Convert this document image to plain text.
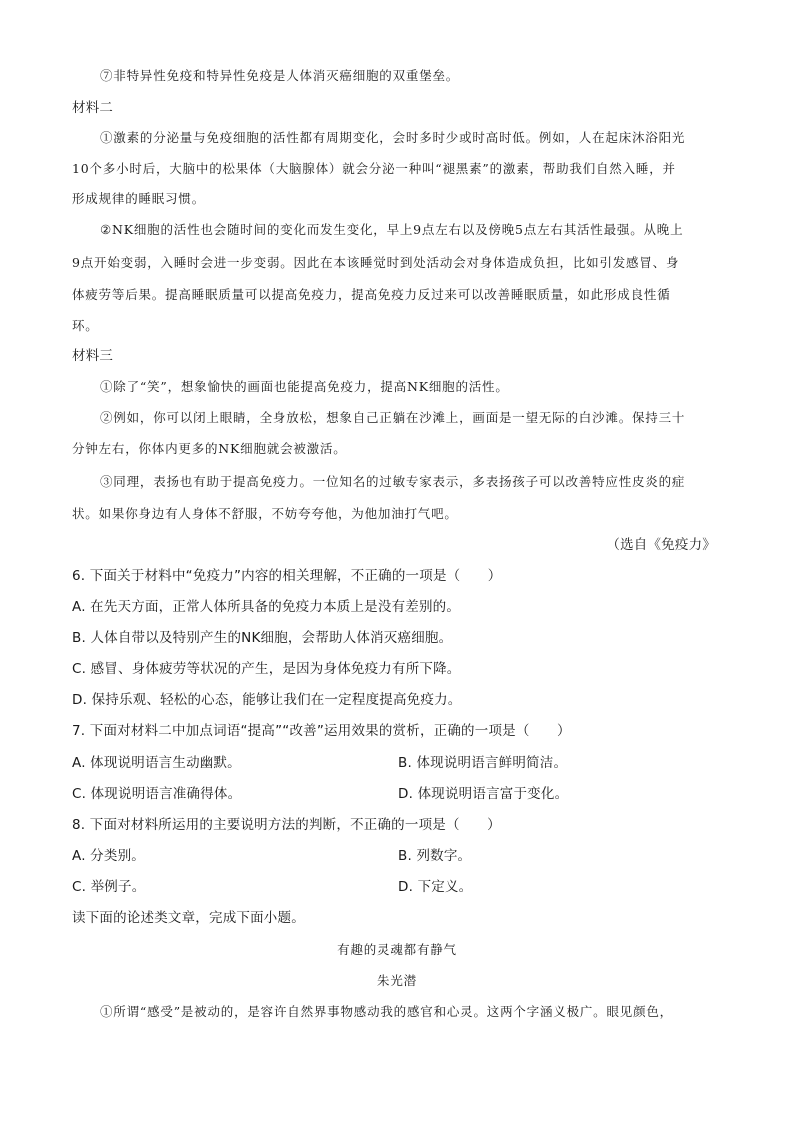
⑦非特异性免疫和特异性免疫是人体消灭癌细胞的双重堡垒。
材料二
①激素的分泌量与免疫细胞的活性都有周期变化，会时多时少或时高时低。例如，人在起床沐浴阳光
10个多小时后，大脑中的松果体（大脑腺体）就会分泌一种叫“褪黑素”的激素，帮助我们自然入睡，并
形成规律的睡眠习惯。
②NK细胞的活性也会随时间的变化而发生变化，早上9点左右以及傍晚5点左右其活性最强。从晚上
9点开始变弱，入睡时会进一步变弱。因此在本该睡觉时到处活动会对身体造成负担，比如引发感冒、身
体疲劳等后果。提高睡眠质量可以提高免疫力，提高免疫力反过来可以改善睡眠质量，如此形成良性循
环。
材料三
①除了“笑”，想象愉快的画面也能提高免疫力，提高NK细胞的活性。
②例如，你可以闭上眼睛，全身放松，想象自己正躺在沙滩上，画面是一望无际的白沙滩。保持三十
分钟左右，你体内更多的NK细胞就会被激活。
③同理，表扬也有助于提高免疫力。一位知名的过敏专家表示，多表扬孩子可以改善特应性皮炎的症
状。如果你身边有人身体不舒服，不妨夸夸他，为他加油打气吧。
（选自《免疫力》
6. 下面关于材料中“免疫力”内容的相关理解，不正确的一项是（　　）
A. 在先天方面，正常人体所具备的免疫力本质上是没有差别的。
B. 人体自带以及特别产生的NK细胞，会帮助人体消灭癌细胞。
C. 感冒、身体疲劳等状况的产生，是因为身体免疫力有所下降。
D. 保持乐观、轻松的心态，能够让我们在一定程度提高免疫力。
7. 下面对材料二中加点词语“提高”“改善”运用效果的赏析，正确的一项是（　　）
A. 体现说明语言生动幽默。	B. 体现说明语言鲜明简洁。
C. 体现说明语言准确得体。	D. 体现说明语言富于变化。
8. 下面对材料所运用的主要说明方法的判断，不正确的一项是（　　）
A. 分类别。	B. 列数字。
C. 举例子。	D. 下定义。
读下面的论述类文章，完成下面小题。
有趣的灵魂都有静气
朱光潜
①所谓“感受”是被动的，是容许自然界事物感动我的感官和心灵。这两个字涵义极广。眼见颜色，
